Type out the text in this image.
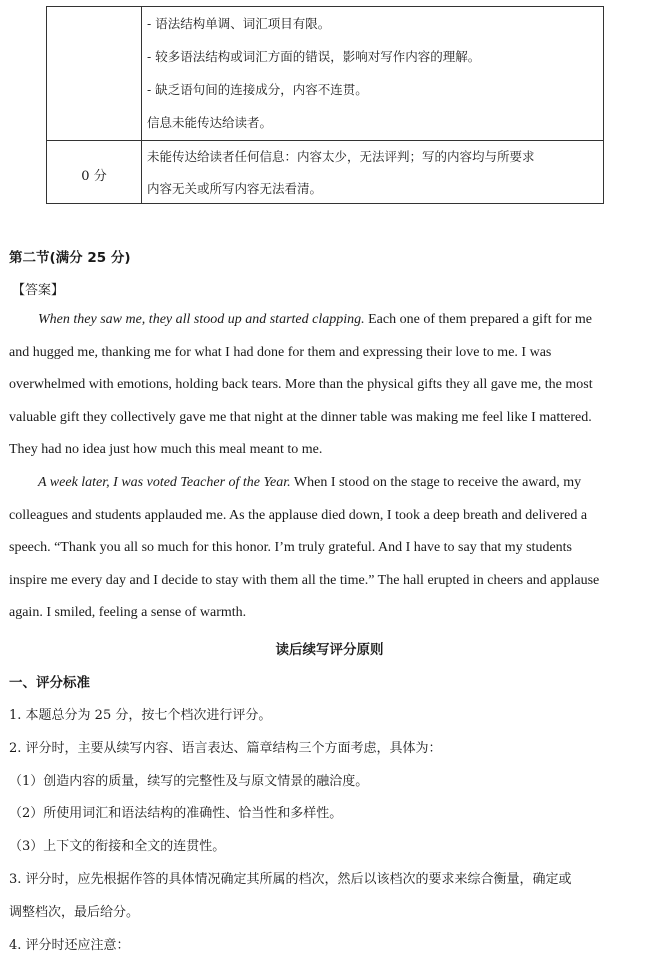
- 语法结构单调、词汇项目有限。
- 较多语法结构或词汇方面的错误，影响对写作内容的理解。
- 缺乏语句间的连接成分，内容不连贯。
信息未能传达给读者。
0 分
未能传达给读者任何信息：内容太少，无法评判；写的内容均与所要求
内容无关或所写内容无法看清。
第二节(满分 25 分)
【答案】
When they saw me, they all stood up and started clapping. Each one of them prepared a gift for me
and hugged me, thanking me for what I had done for them and expressing their love to me. I was
overwhelmed with emotions, holding back tears. More than the physical gifts they all gave me, the most
valuable gift they collectively gave me that night at the dinner table was making me feel like I mattered.
They had no idea just how much this meal meant to me.
A week later, I was voted Teacher of the Year. When I stood on the stage to receive the award, my
colleagues and students applauded me. As the applause died down, I took a deep breath and delivered a
speech. “Thank you all so much for this honor. I’m truly grateful. And I have to say that my students
inspire me every day and I decide to stay with them all the time.” The hall erupted in cheers and applause
again. I smiled, feeling a sense of warmth.
读后续写评分原则
一、评分标准
1. 本题总分为 25 分，按七个档次进行评分。
2. 评分时，主要从续写内容、语言表达、篇章结构三个方面考虑，具体为：
（1）创造内容的质量，续写的完整性及与原文情景的融洽度。
（2）所使用词汇和语法结构的准确性、恰当性和多样性。
（3）上下文的衔接和全文的连贯性。
3. 评分时，应先根据作答的具体情况确定其所属的档次，然后以该档次的要求来综合衡量，确定或
调整档次，最后给分。
4. 评分时还应注意：
